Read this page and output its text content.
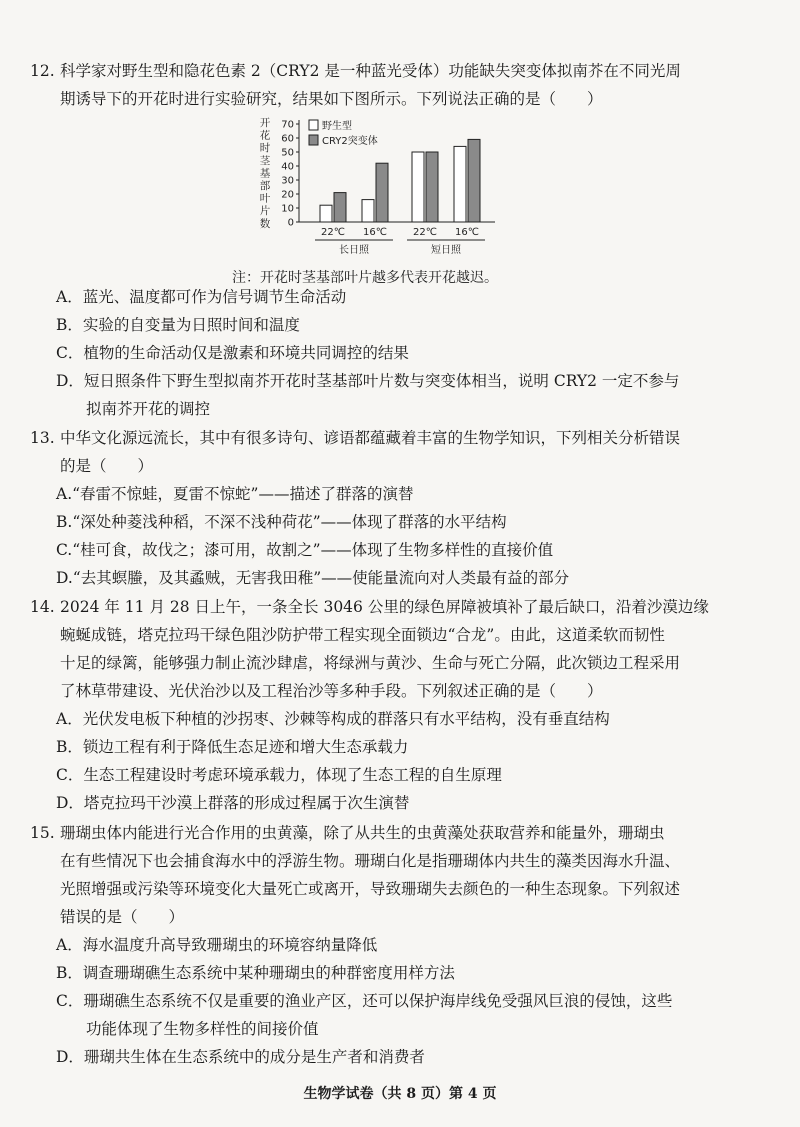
12. 科学家对野生型和隐花色素 2（CRY2 是一种蓝光受体）功能缺失突变体拟南芥在不同光周
期诱导下的开花时进行实验研究，结果如下图所示。下列说法正确的是（　　）
开花时茎基部叶片数 0
10
20
30
40
50
60
70
22℃ 16℃	22℃ 16℃
长日照	短日照
野生型
CRY2突变体
注：开花时茎基部叶片越多代表开花越迟。
A．蓝光、温度都可作为信号调节生命活动
B．实验的自变量为日照时间和温度
C．植物的生命活动仅是激素和环境共同调控的结果
D．短日照条件下野生型拟南芥开花时茎基部叶片数与突变体相当，说明 CRY2 一定不参与
拟南芥开花的调控
13. 中华文化源远流长，其中有很多诗句、谚语都蕴藏着丰富的生物学知识，下列相关分析错误
的是（　　）
A.“春雷不惊蛙，夏雷不惊蛇”——描述了群落的演替
B.“深处种菱浅种稻，不深不浅种荷花”——体现了群落的水平结构
C.“桂可食，故伐之；漆可用，故割之”——体现了生物多样性的直接价值
D.“去其螟螣，及其蟊贼，无害我田稚”——使能量流向对人类最有益的部分
14. 2024 年 11 月 28 日上午，一条全长 3046 公里的绿色屏障被填补了最后缺口，沿着沙漠边缘
蜿蜒成链，塔克拉玛干绿色阻沙防护带工程实现全面锁边“合龙”。由此，这道柔软而韧性
十足的绿篱，能够强力制止流沙肆虐，将绿洲与黄沙、生命与死亡分隔，此次锁边工程采用
了林草带建设、光伏治沙以及工程治沙等多种手段。下列叙述正确的是（　　）
A．光伏发电板下种植的沙拐枣、沙棘等构成的群落只有水平结构，没有垂直结构
B．锁边工程有利于降低生态足迹和增大生态承载力
C．生态工程建设时考虑环境承载力，体现了生态工程的自生原理
D．塔克拉玛干沙漠上群落的形成过程属于次生演替
15. 珊瑚虫体内能进行光合作用的虫黄藻，除了从共生的虫黄藻处获取营养和能量外，珊瑚虫
在有些情况下也会捕食海水中的浮游生物。珊瑚白化是指珊瑚体内共生的藻类因海水升温、
光照增强或污染等环境变化大量死亡或离开，导致珊瑚失去颜色的一种生态现象。下列叙述
错误的是（　　）
A．海水温度升高导致珊瑚虫的环境容纳量降低
B．调查珊瑚礁生态系统中某种珊瑚虫的种群密度用样方法
C．珊瑚礁生态系统不仅是重要的渔业产区，还可以保护海岸线免受强风巨浪的侵蚀，这些
功能体现了生物多样性的间接价值
D．珊瑚共生体在生态系统中的成分是生产者和消费者
生物学试卷（共 8 页）第 4 页
